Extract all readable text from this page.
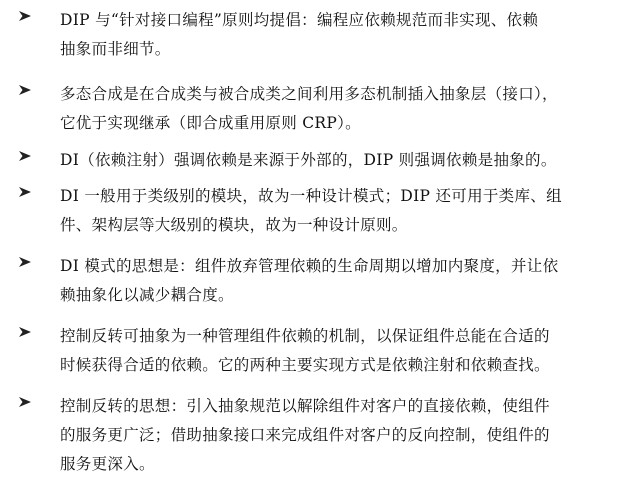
DIP 与“针对接口编程”原则均提倡：编程应依赖规范而非实现、依赖
抽象而非细节。
多态合成是在合成类与被合成类之间利用多态机制插入抽象层（接口），
它优于实现继承（即合成重用原则 CRP）。
DI（依赖注射）强调依赖是来源于外部的，DIP 则强调依赖是抽象的。
DI 一般用于类级别的模块，故为一种设计模式；DIP 还可用于类库、组
件、架构层等大级别的模块，故为一种设计原则。
DI 模式的思想是：组件放弃管理依赖的生命周期以增加内聚度，并让依
赖抽象化以减少耦合度。
控制反转可抽象为一种管理组件依赖的机制，以保证组件总能在合适的
时候获得合适的依赖。它的两种主要实现方式是依赖注射和依赖查找。
控制反转的思想：引入抽象规范以解除组件对客户的直接依赖，使组件
的服务更广泛；借助抽象接口来完成组件对客户的反向控制，使组件的
服务更深入。
